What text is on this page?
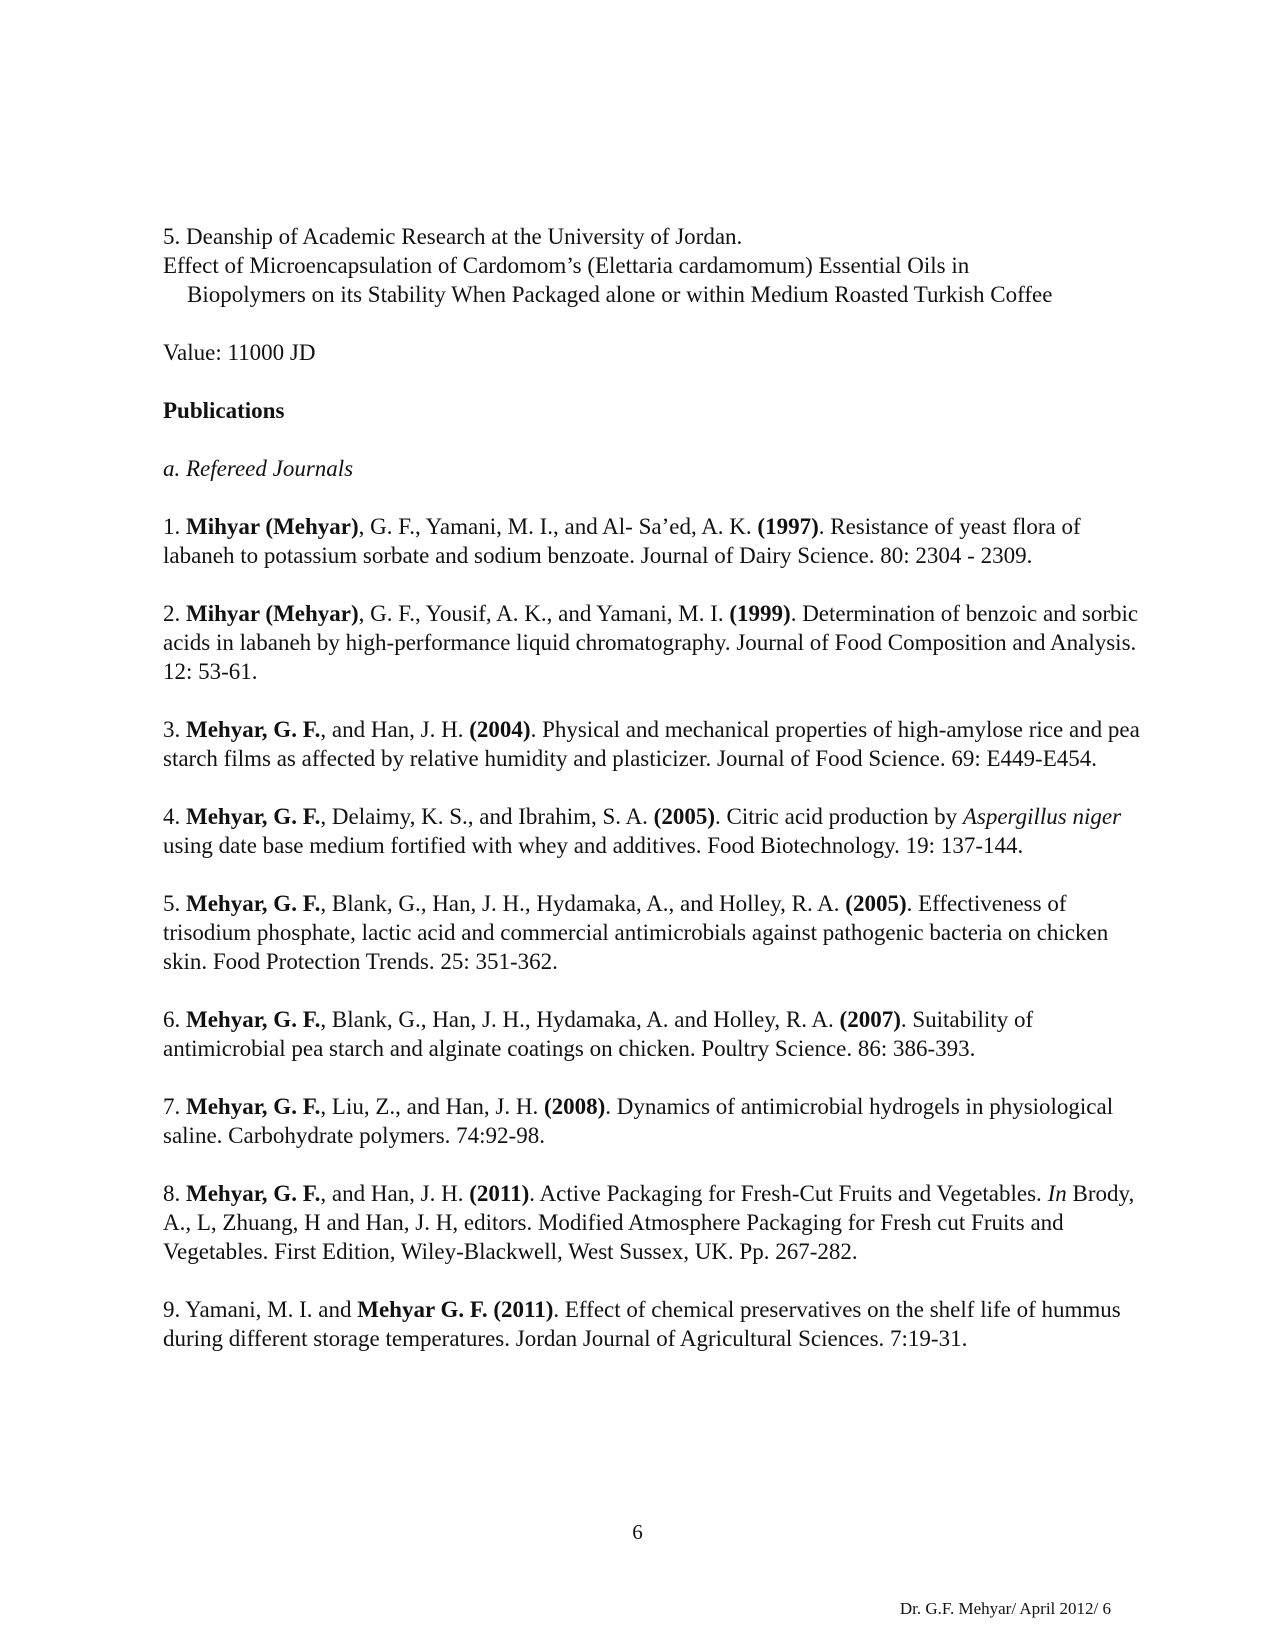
5. Deanship of Academic Research at the University of Jordan.

Effect of Microencapsulation of Cardomom’s (Elettaria cardamomum) Essential Oils in

Biopolymers on its Stability When Packaged alone or within Medium Roasted Turkish Coffee

Value: 11000 JD

Publications

a. Refereed Journals

1. Mihyar (Mehyar), G. F., Yamani, M. I., and Al- Sa’ed, A. K. (1997). Resistance of yeast flora of labaneh to potassium sorbate and sodium benzoate. Journal of Dairy Science. 80: 2304 - 2309.

2. Mihyar (Mehyar), G. F., Yousif, A. K., and Yamani, M. I. (1999). Determination of benzoic and sorbic acids in labaneh by high-performance liquid chromatography. Journal of Food Composition and Analysis. 12: 53-61.

3. Mehyar, G. F., and Han, J. H. (2004). Physical and mechanical properties of high-amylose rice and pea starch films as affected by relative humidity and plasticizer. Journal of Food Science. 69: E449-E454.

4. Mehyar, G. F., Delaimy, K. S., and Ibrahim, S. A. (2005). Citric acid production by Aspergillus niger using date base medium fortified with whey and additives. Food Biotechnology. 19: 137-144.

5. Mehyar, G. F., Blank, G., Han, J. H., Hydamaka, A., and Holley, R. A. (2005). Effectiveness of trisodium phosphate, lactic acid and commercial antimicrobials against pathogenic bacteria on chicken skin. Food Protection Trends. 25: 351-362.

6. Mehyar, G. F., Blank, G., Han, J. H., Hydamaka, A. and Holley, R. A. (2007). Suitability of antimicrobial pea starch and alginate coatings on chicken. Poultry Science. 86: 386-393.

7. Mehyar, G. F., Liu, Z., and Han, J. H. (2008). Dynamics of antimicrobial hydrogels in physiological saline. Carbohydrate polymers. 74:92-98.

8. Mehyar, G. F., and Han, J. H. (2011). Active Packaging for Fresh-Cut Fruits and Vegetables. In Brody, A., L, Zhuang, H and Han, J. H, editors. Modified Atmosphere Packaging for Fresh cut Fruits and Vegetables. First Edition, Wiley-Blackwell, West Sussex, UK. Pp. 267-282.

9. Yamani, M. I. and Mehyar G. F. (2011). Effect of chemical preservatives on the shelf life of hummus during different storage temperatures. Jordan Journal of Agricultural Sciences. 7:19-31.

6
Dr. G.F. Mehyar/ April 2012/ 6
